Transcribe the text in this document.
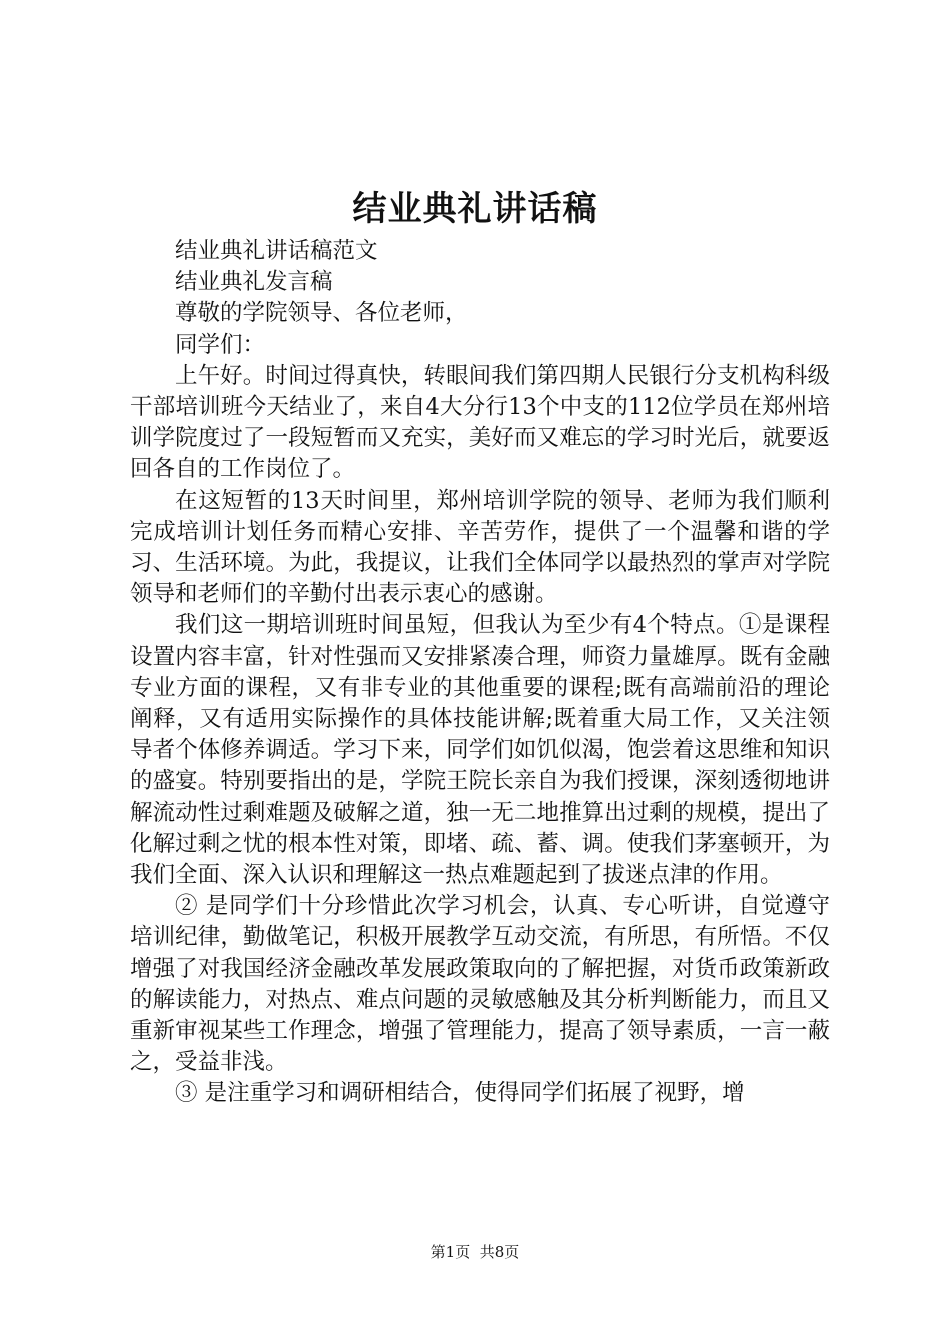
结业典礼讲话稿

结业典礼讲话稿范文

结业典礼发言稿

尊敬的学院领导、各位老师，

同学们：

上午好。时间过得真快，转眼间我们第四期人民银行分支机构科级干部培训班今天结业了，来自4大分行13个中支的112位学员在郑州培训学院度过了一段短暂而又充实，美好而又难忘的学习时光后，就要返回各自的工作岗位了。

在这短暂的13天时间里，郑州培训学院的领导、老师为我们顺利完成培训计划任务而精心安排、辛苦劳作，提供了一个温馨和谐的学习、生活环境。为此，我提议，让我们全体同学以最热烈的掌声对学院领导和老师们的辛勤付出表示衷心的感谢。

我们这一期培训班时间虽短，但我认为至少有4个特点。①是课程设置内容丰富，针对性强而又安排紧凑合理，师资力量雄厚。既有金融专业方面的课程，又有非专业的其他重要的课程;既有高端前沿的理论阐释，又有适用实际操作的具体技能讲解;既着重大局工作，又关注领导者个体修养调适。学习下来，同学们如饥似渴，饱尝着这思维和知识的盛宴。特别要指出的是，学院王院长亲自为我们授课，深刻透彻地讲解流动性过剩难题及破解之道，独一无二地推算出过剩的规模，提出了化解过剩之忧的根本性对策，即堵、疏、蓄、调。使我们茅塞顿开，为我们全面、深入认识和理解这一热点难题起到了拔迷点津的作用。

② 是同学们十分珍惜此次学习机会，认真、专心听讲，自觉遵守培训纪律，勤做笔记，积极开展教学互动交流，有所思，有所悟。不仅增强了对我国经济金融改革发展政策取向的了解把握，对货币政策新政的解读能力，对热点、难点问题的灵敏感触及其分析判断能力，而且又重新审视某些工作理念，增强了管理能力，提高了领导素质，一言一蔽之，受益非浅。

③ 是注重学习和调研相结合，使得同学们拓展了视野，增

第1页 共8页
